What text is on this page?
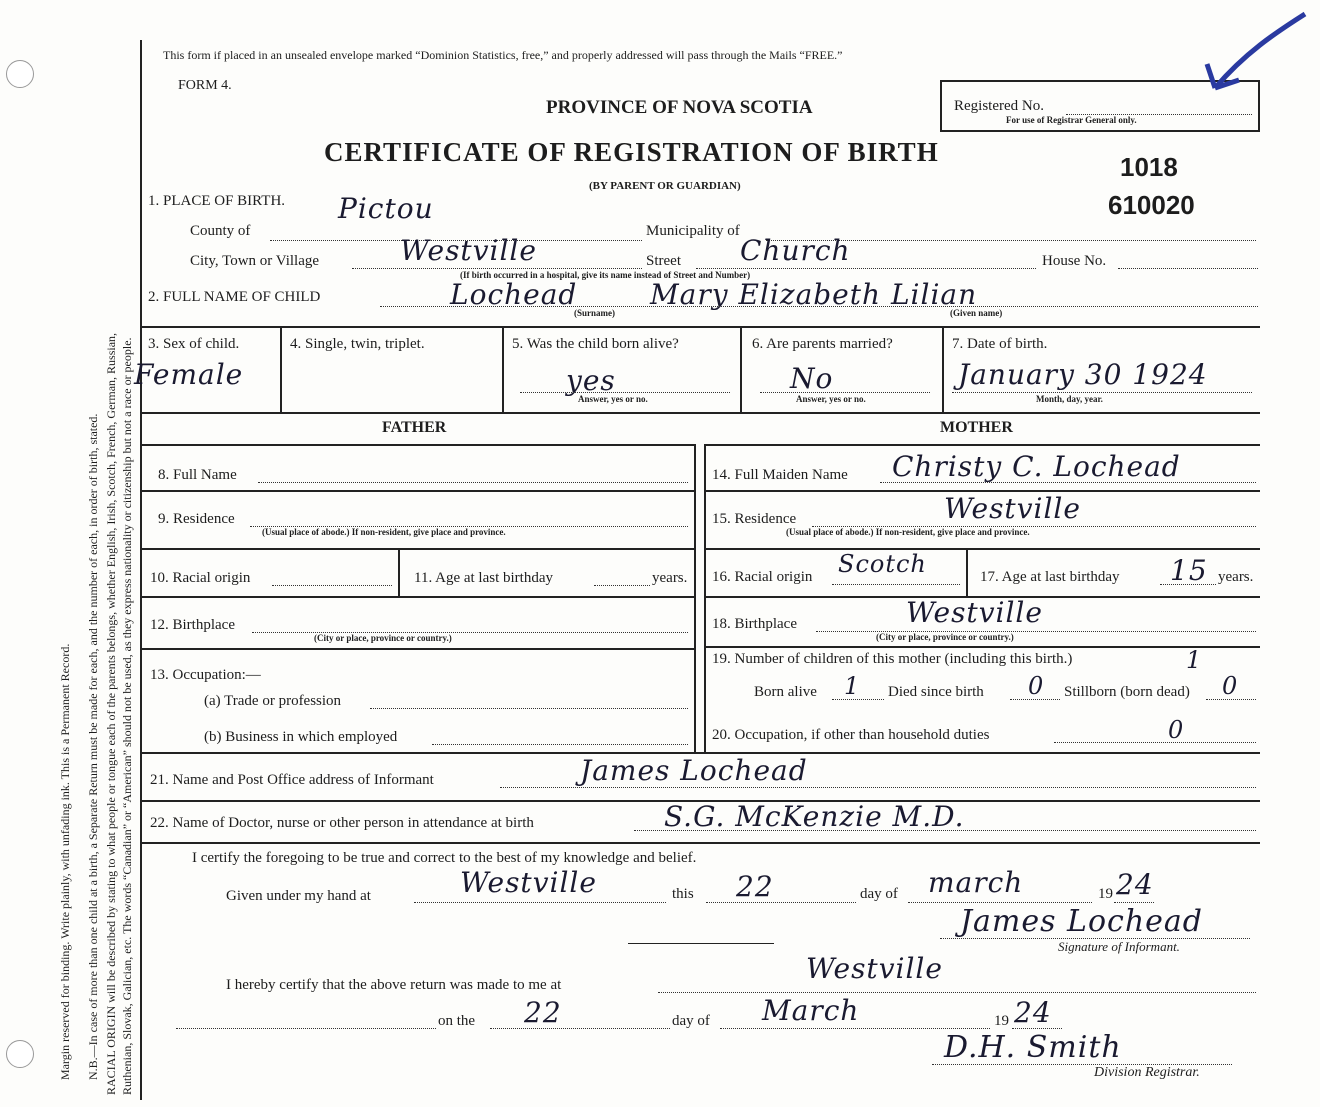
Margin reserved for binding. Write plainly, with unfading ink. This is a Permanent Record. N.B.—In case of more than one child at a birth, a Separate Return must be made for each, and the number of each, in order of birth, stated. RACIAL ORIGIN will be described by stating to what people or tongue each of the parents belongs, whether English, Irish, Scotch, French, German, Russian, Ruthenian, Slovak, Galician, etc. The words “Canadian” or “American” should not be used, as they express nationality or citizenship but not a race or people.
This form if placed in an unsealed envelope marked “Dominion Statistics, free,” and properly addressed will pass through the Mails “FREE.”
FORM 4.
PROVINCE OF NOVA SCOTIA
CERTIFICATE OF REGISTRATION OF BIRTH
(BY PARENT OR GUARDIAN)
Registered No.
For use of Registrar General only.
1018
610020
1. PLACE OF BIRTH. Pictou
County of	Municipality of
City, Town or Village	Westville	Street Church	House No.
(If birth occurred in a hospital, give its name instead of Street and Number)
2. FULL NAME OF CHILD	Lochead	Mary Elizabeth Lilian
(Surname)	(Given name)
3. Sex of child.
Female
4. Single, twin, triplet.	5. Was the child born alive?
yes
Answer, yes or no.
6. Are parents married?
No
Answer, yes or no.
7. Date of birth.
January 30 1924
Month, day, year.
FATHER	MOTHER
8. Full Name
9. Residence
(Usual place of abode.) If non-resident, give place and province.
10. Racial origin	11. Age at last birthday	years.
12. Birthplace
(City or place, province or country.)
13. Occupation:—
(a) Trade or profession
(b) Business in which employed
14. Full Maiden Name Christy C. Lochead
15. Residence	Westville
(Usual place of abode.) If non-resident, give place and province.
16. Racial origin Scotch	17. Age at last birthday 15 years.
18. Birthplace	Westville
(City or place, province or country.)
19. Number of children of this mother (including this birth.)	1
Born alive 1 Died since birth 0 Stillborn (born dead) 0
20. Occupation, if other than household duties	0
21. Name and Post Office address of Informant	James Lochead
22. Name of Doctor, nurse or other person in attendance at birth	S.G. McKenzie M.D.
I certify the foregoing to be true and correct to the best of my knowledge and belief.
Given under my hand at	Westville	this 22	day of march	19 24
James Lochead
Signature of Informant.
I hereby certify that the above return was made to me at	Westville
on the 22	day of March	19 24
D.H. Smith
Division Registrar.
